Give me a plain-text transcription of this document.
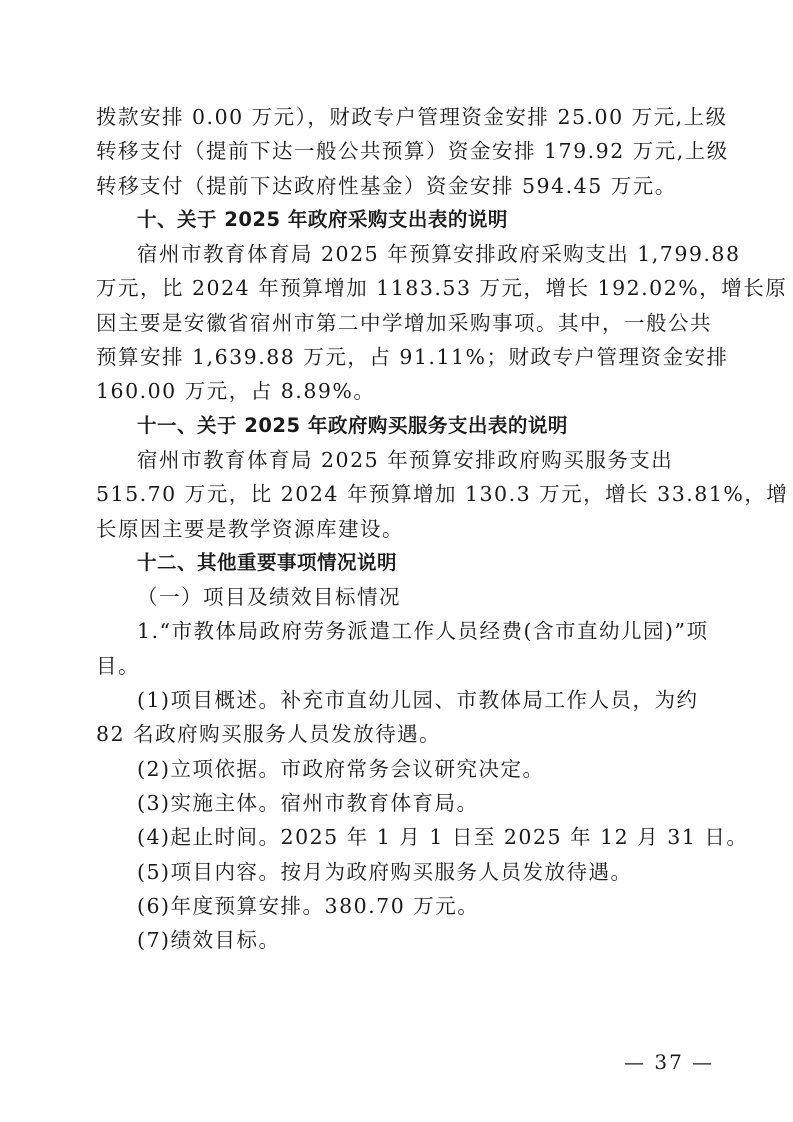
拨款安排 0.00 万元），财政专户管理资金安排 25.00 万元,上级
转移支付（提前下达一般公共预算）资金安排 179.92 万元,上级
转移支付（提前下达政府性基金）资金安排 594.45 万元。
十、关于 2025 年政府采购支出表的说明
宿州市教育体育局 2025 年预算安排政府采购支出 1,799.88
万元，比 2024 年预算增加 1183.53 万元，增长 192.02%，增长原
因主要是安徽省宿州市第二中学增加采购事项。其中，一般公共
预算安排 1,639.88 万元，占 91.11%；财政专户管理资金安排
160.00 万元，占 8.89%。
十一、关于 2025 年政府购买服务支出表的说明
宿州市教育体育局 2025 年预算安排政府购买服务支出
515.70 万元，比 2024 年预算增加 130.3 万元，增长 33.81%，增
长原因主要是教学资源库建设。
十二、其他重要事项情况说明
（一）项目及绩效目标情况
1.“市教体局政府劳务派遣工作人员经费(含市直幼儿园)”项
目。
(1)项目概述。补充市直幼儿园、市教体局工作人员，为约
82 名政府购买服务人员发放待遇。
(2)立项依据。市政府常务会议研究决定。
(3)实施主体。宿州市教育体育局。
(4)起止时间。2025 年 1 月 1 日至 2025 年 12 月 31 日。
(5)项目内容。按月为政府购买服务人员发放待遇。
(6)年度预算安排。380.70 万元。
(7)绩效目标。
— 37 —
